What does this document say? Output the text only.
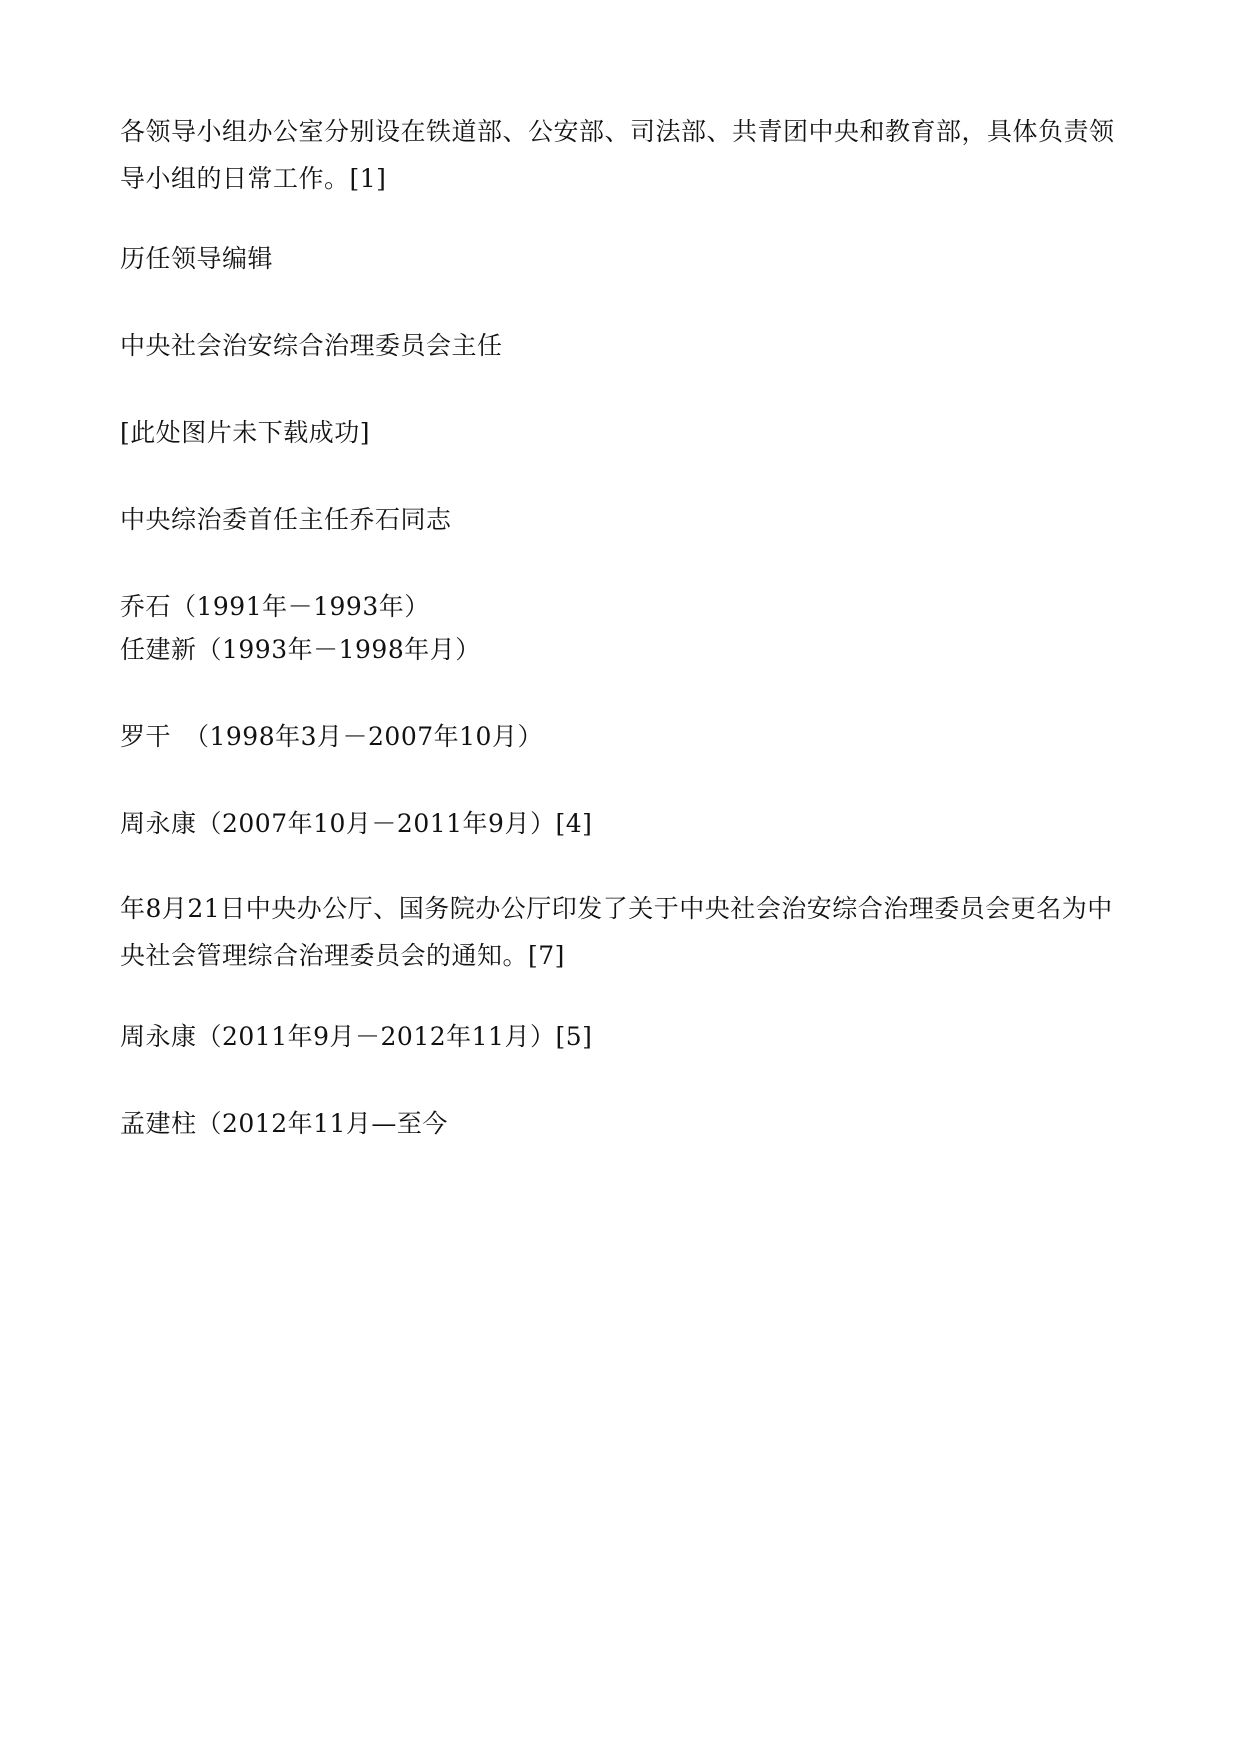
各领导小组办公室分别设在铁道部、公安部、司法部、共青团中央和教育部，具体负责领导小组的日常工作。[1]

历任领导编辑

中央社会治安综合治理委员会主任

[此处图片未下载成功]

中央综治委首任主任乔石同志

乔石（1991年－1993年）

任建新（1993年－1998年月）

罗干　（1998年3月－2007年10月）

周永康（2007年10月－2011年9月）[4]

年8月21日中央办公厅、国务院办公厅印发了关于中央社会治安综合治理委员会更名为中央社会管理综合治理委员会的通知。[7]

周永康（2011年9月－2012年11月）[5]

孟建柱（2012年11月—至今
